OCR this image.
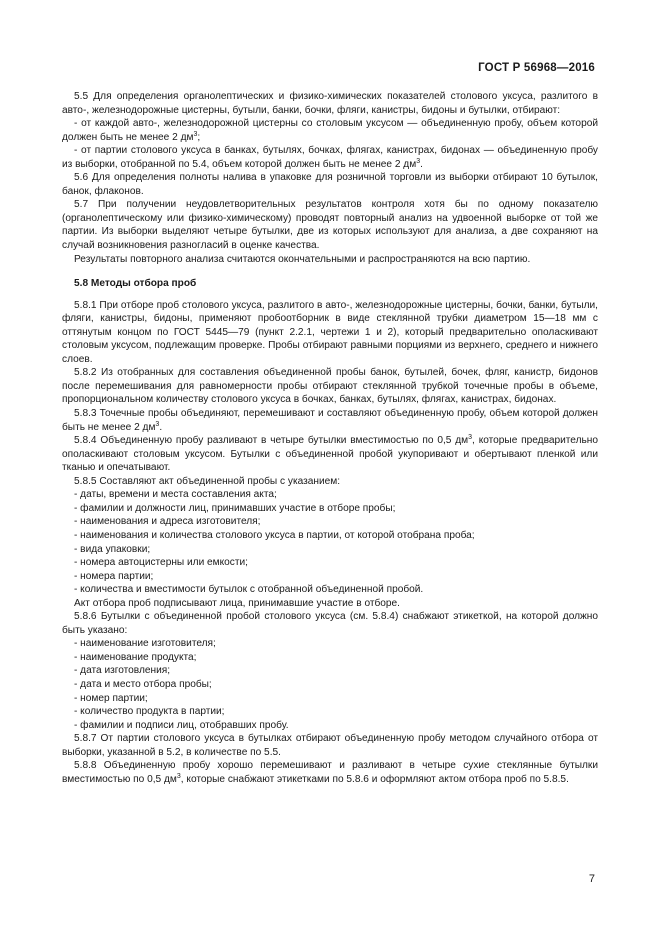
ГОСТ Р 56968—2016

5.5 Для определения органолептических и физико-химических показателей столового уксуса, разлитого в авто-, железнодорожные цистерны, бутыли, банки, бочки, фляги, канистры, бидоны и бутылки, отбирают:

- от каждой авто-, железнодорожной цистерны со столовым уксусом — объединенную пробу, объем которой должен быть не менее 2 $дм^3$;

- от партии столового уксуса в банках, бутылях, бочках, флягах, канистрах, бидонах — объединенную пробу из выборки, отобранной по 5.4, объем которой должен быть не менее 2 $дм^3$.

5.6 Для определения полноты налива в упаковке для розничной торговли из выборки отбирают 10 бутылок, банок, флаконов.

5.7 При получении неудовлетворительных результатов контроля хотя бы по одному показателю (органолептическому или физико-химическому) проводят повторный анализ на удвоенной выборке от той же партии. Из выборки выделяют четыре бутылки, две из которых используют для анализа, а две сохраняют на случай возникновения разногласий в оценке качества.

Результаты повторного анализа считаются окончательными и распространяются на всю партию.

5.8 Методы отбора проб

5.8.1 При отборе проб столового уксуса, разлитого в авто-, железнодорожные цистерны, бочки, банки, бутыли, фляги, канистры, бидоны, применяют пробоотборник в виде стеклянной трубки диаметром 15—18 мм с оттянутым концом по ГОСТ 5445—79 (пункт 2.2.1, чертежи 1 и 2), который предварительно ополаскивают столовым уксусом, подлежащим проверке. Пробы отбирают равными порциями из верхнего, среднего и нижнего слоев.

5.8.2 Из отобранных для составления объединенной пробы банок, бутылей, бочек, фляг, канистр, бидонов после перемешивания для равномерности пробы отбирают стеклянной трубкой точечные пробы в объеме, пропорциональном количеству столового уксуса в бочках, банках, бутылях, флягах, канистрах, бидонах.

5.8.3 Точечные пробы объединяют, перемешивают и составляют объединенную пробу, объем которой должен быть не менее 2 $дм^3$.

5.8.4 Объединенную пробу разливают в четыре бутылки вместимостью по 0,5 $дм^3$, которые предварительно ополаскивают столовым уксусом. Бутылки с объединенной пробой укупоривают и обертывают пленкой или тканью и опечатывают.

5.8.5 Составляют акт объединенной пробы с указанием:

- даты, времени и места составления акта;

- фамилии и должности лиц, принимавших участие в отборе пробы;

- наименования и адреса изготовителя;

- наименования и количества столового уксуса в партии, от которой отобрана проба;

- вида упаковки;

- номера автоцистерны или емкости;

- номера партии;

- количества и вместимости бутылок с отобранной объединенной пробой.

Акт отбора проб подписывают лица, принимавшие участие в отборе.

5.8.6 Бутылки с объединенной пробой столового уксуса (см. 5.8.4) снабжают этикеткой, на которой должно быть указано:

- наименование изготовителя;

- наименование продукта;

- дата изготовления;

- дата и место отбора пробы;

- номер партии;

- количество продукта в партии;

- фамилии и подписи лиц, отобравших пробу.

5.8.7 От партии столового уксуса в бутылках отбирают объединенную пробу методом случайного отбора от выборки, указанной в 5.2, в количестве по 5.5.

5.8.8 Объединенную пробу хорошо перемешивают и разливают в четыре сухие стеклянные бутылки вместимостью по 0,5 $дм^3$, которые снабжают этикетками по 5.8.6 и оформляют актом отбора проб по 5.8.5.

7
